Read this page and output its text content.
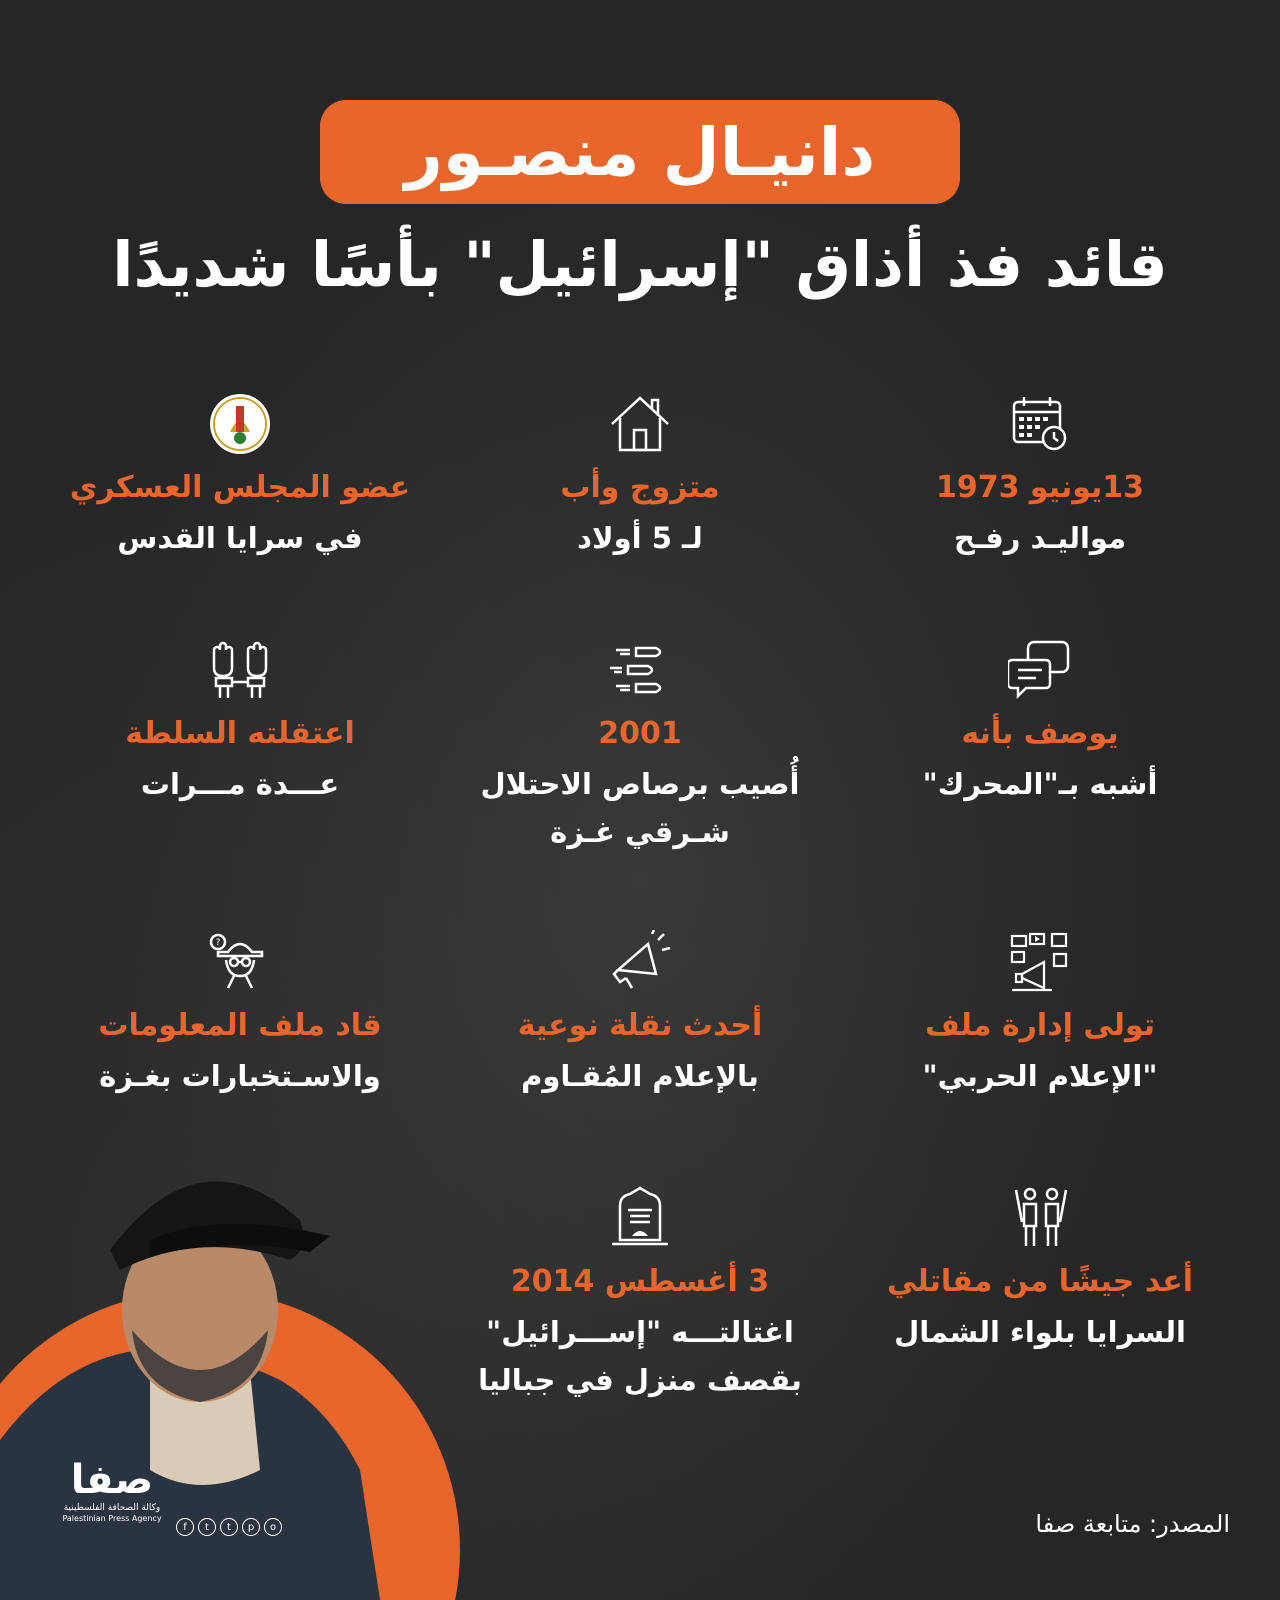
دانيـال منصـور
قائد فذ أذاق "إسرائيل" بأسًا شديدًا
13يونيو 1973
مواليـد رفـح
متزوج وأب
لـ 5 أولاد
عضو المجلس العسكري
في سرايا القدس
يوصف بأنه
أشبه بـ"المحرك"
2001
أُصيب برصاص الاحتلال
شـرقي غـزة
اعتقلته السلطة
عـــدة مـــرات
تولى إدارة ملف
"الإعلام الحربي"
أحدث نقلة نوعية
بالإعلام المُقـاوم
?
قاد ملف المعلومات
والاسـتخبارات بغـزة
أعد جيشًا من مقاتلي
السرايا بلواء الشمال
3 أغسطس 2014
اغتالتـــه "إســـرائيل"
بقصف منزل في جباليا
صفا
وكالة الصحافة الفلسطينية
Palestinian Press Agency
f	t	t	p	o	المصدر: متابعة صفا
